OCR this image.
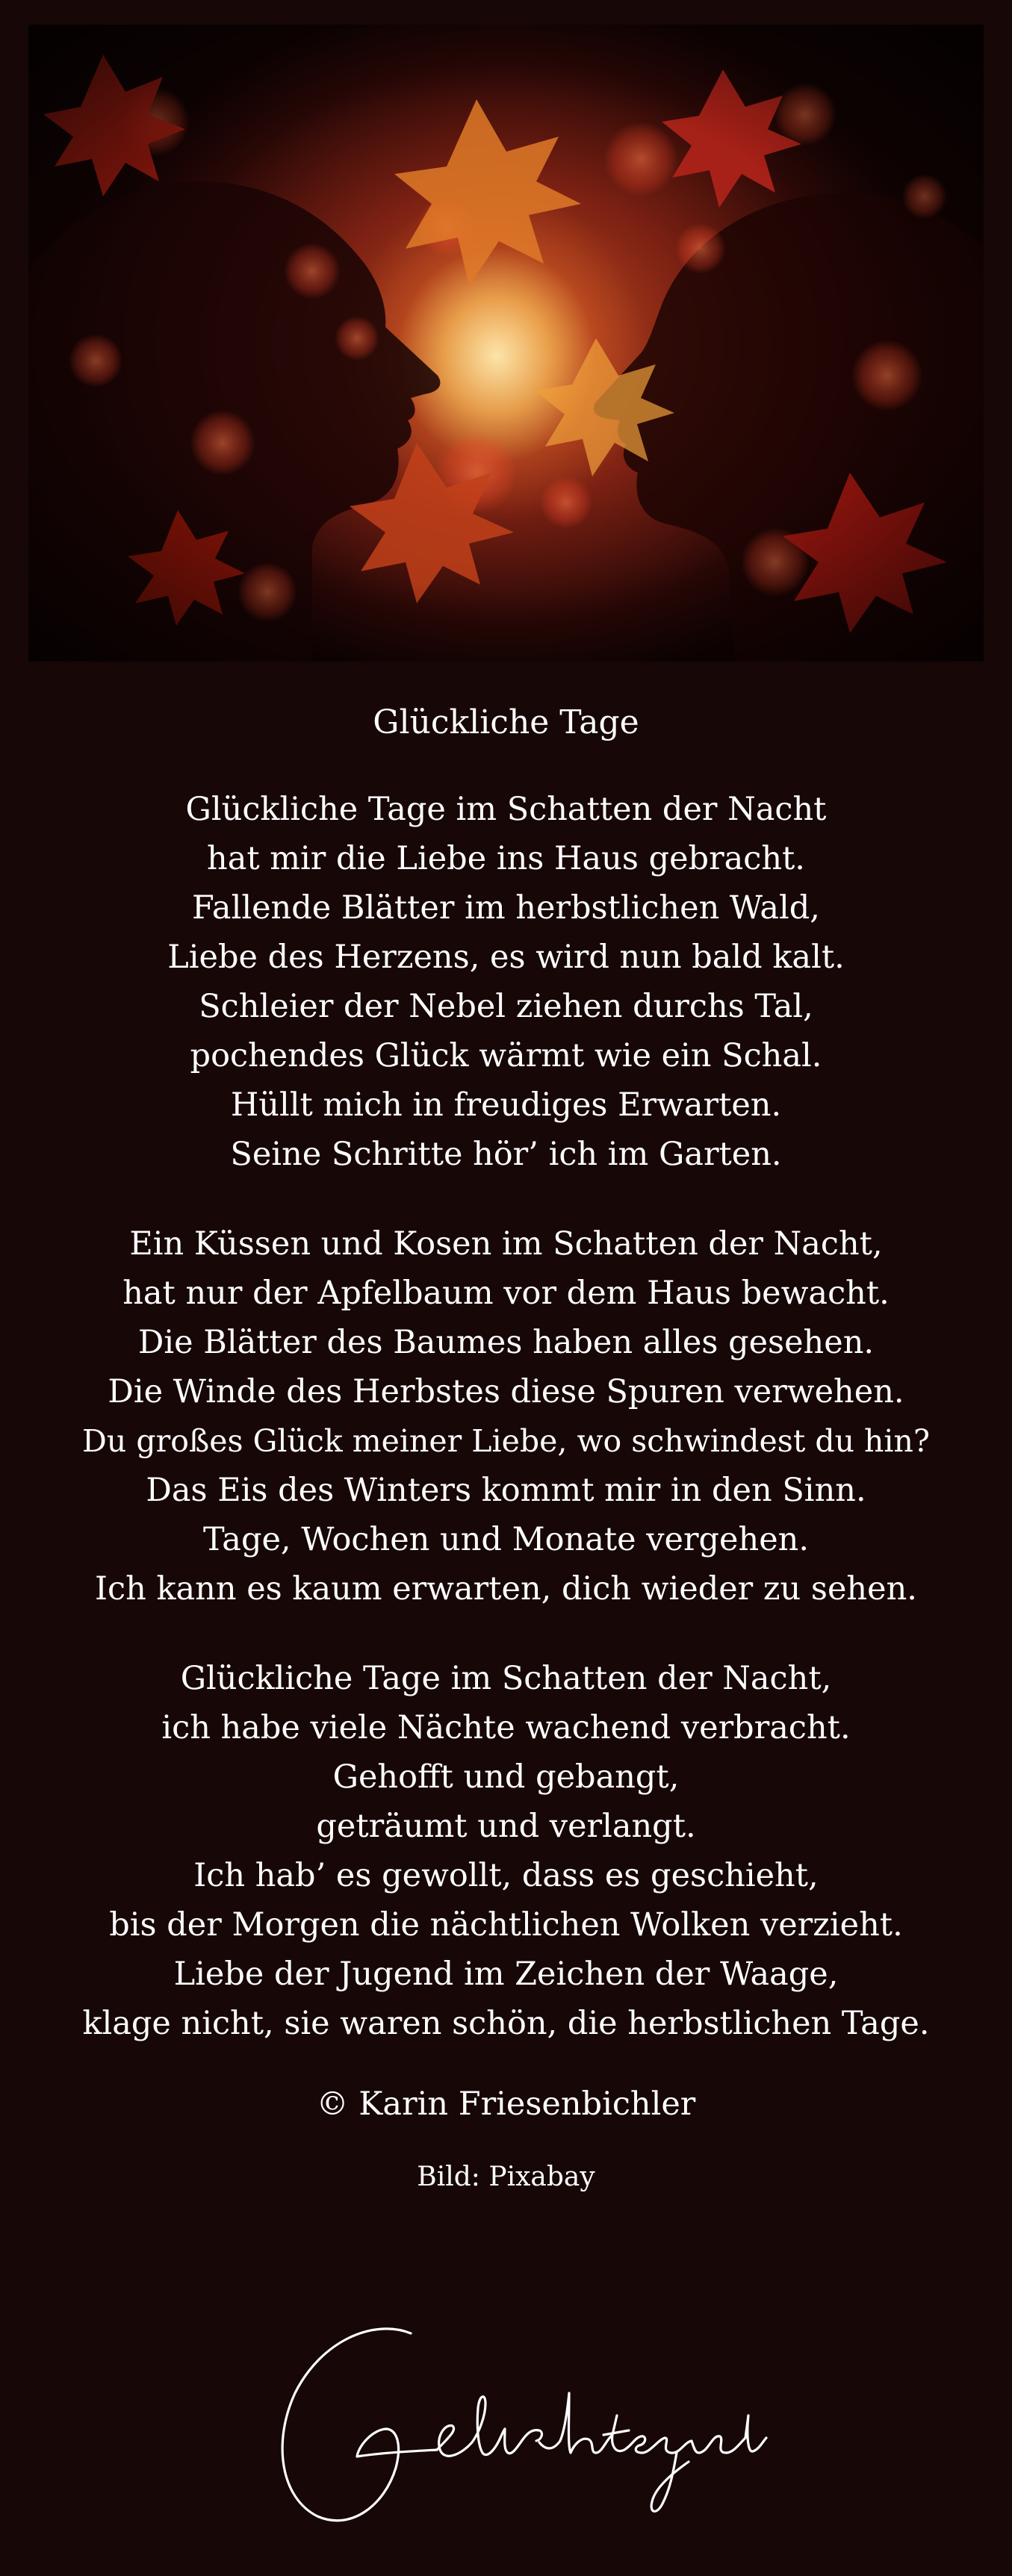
Glückliche Tage
Glückliche Tage im Schatten der Nacht
hat mir die Liebe ins Haus gebracht.
Fallende Blätter im herbstlichen Wald,
Liebe des Herzens, es wird nun bald kalt.
Schleier der Nebel ziehen durchs Tal,
pochendes Glück wärmt wie ein Schal.
Hüllt mich in freudiges Erwarten.
Seine Schritte hör’ ich im Garten.
Ein Küssen und Kosen im Schatten der Nacht,
hat nur der Apfelbaum vor dem Haus bewacht.
Die Blätter des Baumes haben alles gesehen.
Die Winde des Herbstes diese Spuren verwehen.
Du großes Glück meiner Liebe, wo schwindest du hin?
Das Eis des Winters kommt mir in den Sinn.
Tage, Wochen und Monate vergehen.
Ich kann es kaum erwarten, dich wieder zu sehen.
Glückliche Tage im Schatten der Nacht,
ich habe viele Nächte wachend verbracht.
Gehofft und gebangt,
geträumt und verlangt.
Ich hab’ es gewollt, dass es geschieht,
bis der Morgen die nächtlichen Wolken verzieht.
Liebe der Jugend im Zeichen der Waage,
klage nicht, sie waren schön, die herbstlichen Tage.
© Karin Friesenbichler
Bild: Pixabay
Gedichtezauber
